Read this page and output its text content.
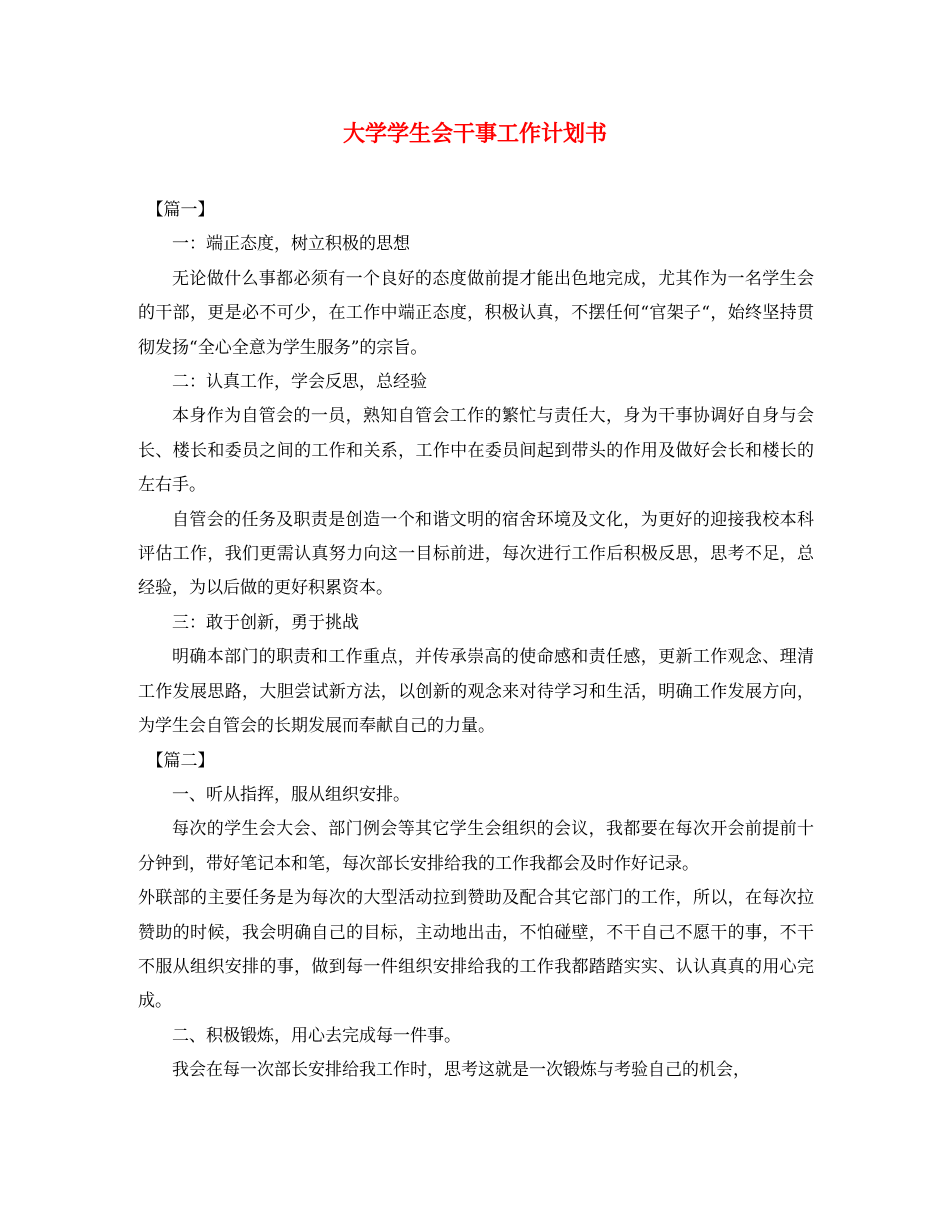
大学学生会干事工作计划书

【篇一】

一：端正态度，树立积极的思想

无论做什么事都必须有一个良好的态度做前提才能出色地完成，尤其作为一名学生会的干部，更是必不可少，在工作中端正态度，积极认真，不摆任何“官架子“，始终坚持贯彻发扬“全心全意为学生服务”的宗旨。

二：认真工作，学会反思，总经验

本身作为自管会的一员，熟知自管会工作的繁忙与责任大，身为干事协调好自身与会长、楼长和委员之间的工作和关系，工作中在委员间起到带头的作用及做好会长和楼长的左右手。

自管会的任务及职责是创造一个和谐文明的宿舍环境及文化，为更好的迎接我校本科评估工作，我们更需认真努力向这一目标前进，每次进行工作后积极反思，思考不足，总经验，为以后做的更好积累资本。

三：敢于创新，勇于挑战

明确本部门的职责和工作重点，并传承崇高的使命感和责任感，更新工作观念、理清工作发展思路，大胆尝试新方法，以创新的观念来对待学习和生活，明确工作发展方向，为学生会自管会的长期发展而奉献自己的力量。

【篇二】

一、听从指挥，服从组织安排。

每次的学生会大会、部门例会等其它学生会组织的会议，我都要在每次开会前提前十分钟到，带好笔记本和笔，每次部长安排给我的工作我都会及时作好记录。

外联部的主要任务是为每次的大型活动拉到赞助及配合其它部门的工作，所以，在每次拉赞助的时候，我会明确自己的目标，主动地出击，不怕碰壁，不干自己不愿干的事，不干不服从组织安排的事，做到每一件组织安排给我的工作我都踏踏实实、认认真真的用心完成。

二、积极锻炼，用心去完成每一件事。

我会在每一次部长安排给我工作时，思考这就是一次锻炼与考验自己的机会，
